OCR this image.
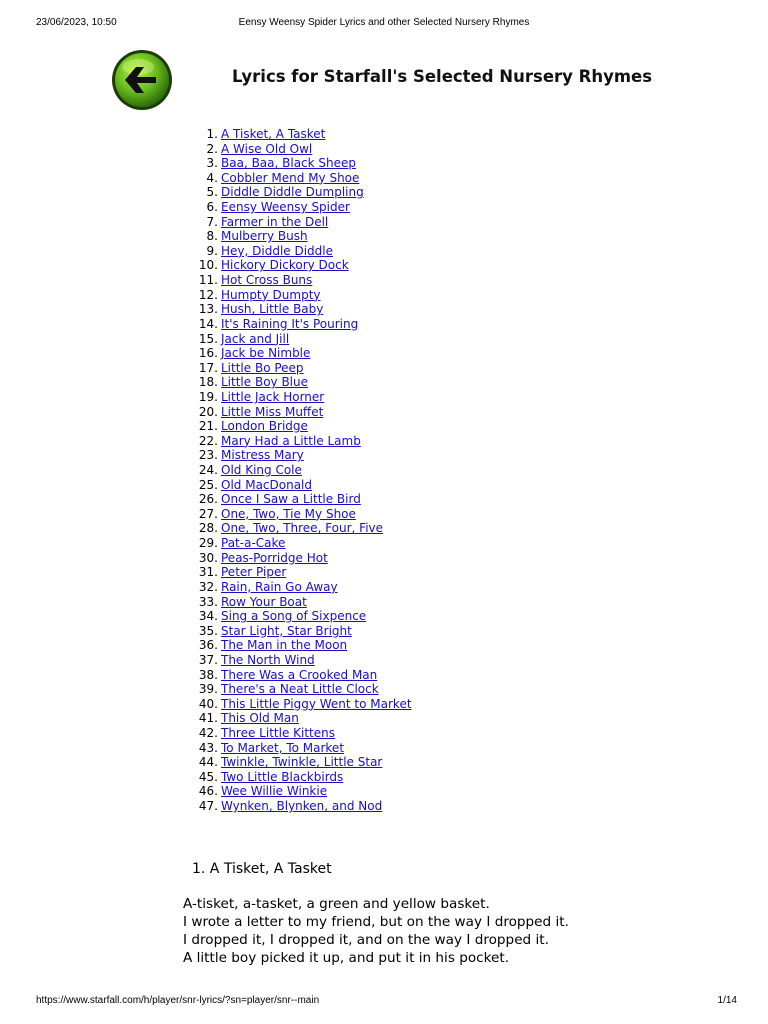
23/06/2023, 10:50	Eensy Weensy Spider Lyrics and other Selected Nursery Rhymes
Lyrics for Starfall's Selected Nursery Rhymes
1. A Tisket, A Tasket
2. A Wise Old Owl
3. Baa, Baa, Black Sheep
4. Cobbler Mend My Shoe
5. Diddle Diddle Dumpling
6. Eensy Weensy Spider
7. Farmer in the Dell
8. Mulberry Bush
9. Hey, Diddle Diddle
10. Hickory Dickory Dock
11. Hot Cross Buns
12. Humpty Dumpty
13. Hush, Little Baby
14. It's Raining It's Pouring
15. Jack and Jill
16. Jack be Nimble
17. Little Bo Peep
18. Little Boy Blue
19. Little Jack Horner
20. Little Miss Muffet
21. London Bridge
22. Mary Had a Little Lamb
23. Mistress Mary
24. Old King Cole
25. Old MacDonald
26. Once I Saw a Little Bird
27. One, Two, Tie My Shoe
28. One, Two, Three, Four, Five
29. Pat-a-Cake
30. Peas-Porridge Hot
31. Peter Piper
32. Rain, Rain Go Away
33. Row Your Boat
34. Sing a Song of Sixpence
35. Star Light, Star Bright
36. The Man in the Moon
37. The North Wind
38. There Was a Crooked Man
39. There's a Neat Little Clock
40. This Little Piggy Went to Market
41. This Old Man
42. Three Little Kittens
43. To Market, To Market
44. Twinkle, Twinkle, Little Star
45. Two Little Blackbirds
46. Wee Willie Winkie
47. Wynken, Blynken, and Nod
1. A Tisket, A Tasket
A-tisket, a-tasket, a green and yellow basket.
I wrote a letter to my friend, but on the way I dropped it.
I dropped it, I dropped it, and on the way I dropped it.
A little boy picked it up, and put it in his pocket.
https://www.starfall.com/h/player/snr-lyrics/?sn=player/snr--main	1/14
